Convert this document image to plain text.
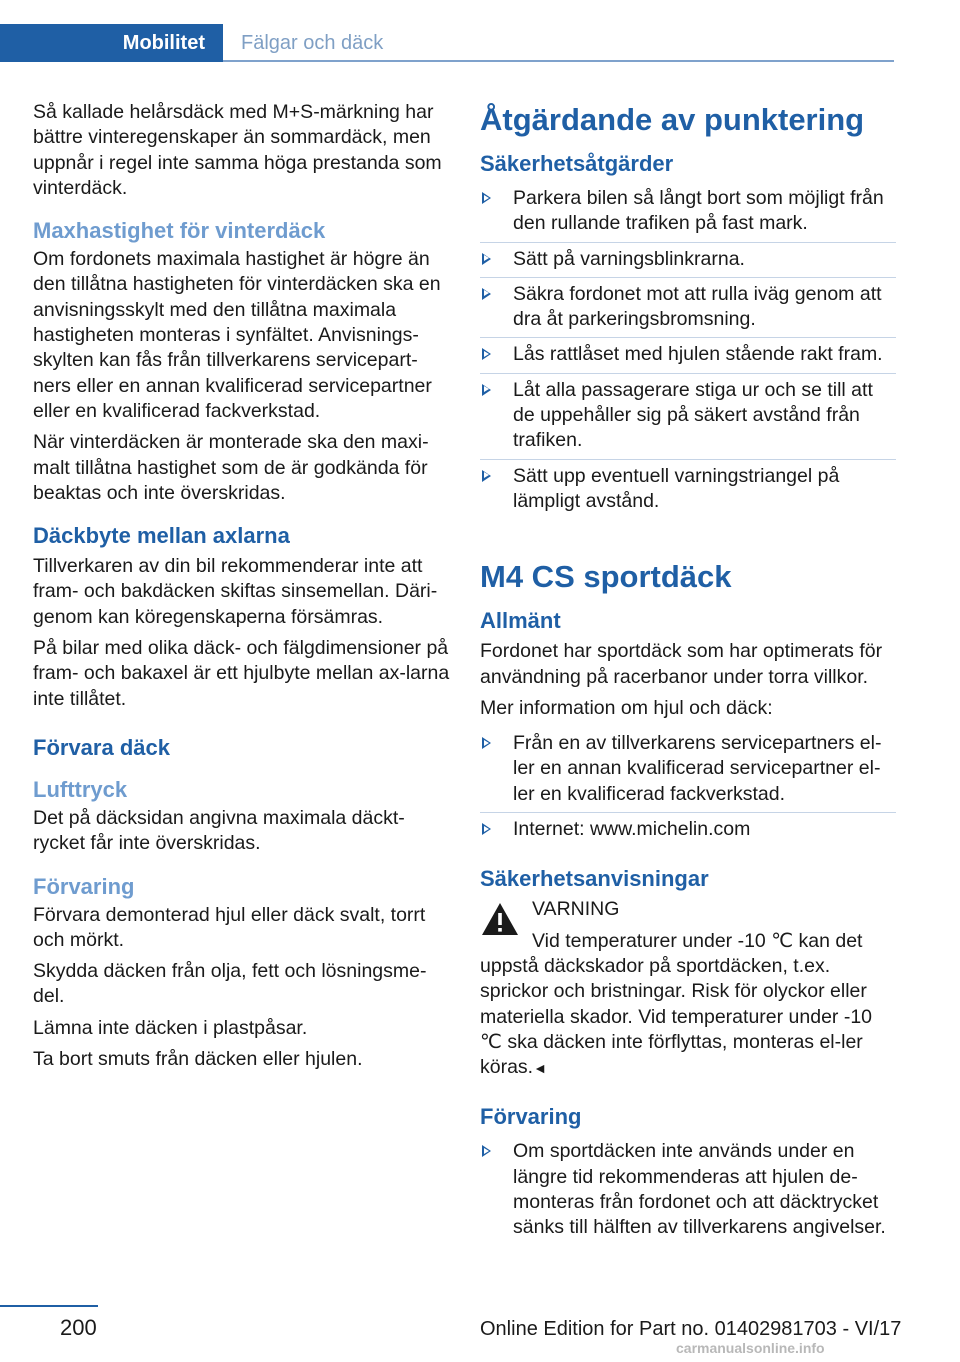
Mobilitet	Fälgar och däck

Så kallade helårsdäck med M+S-märkning har bättre vinteregenskaper än sommardäck, men uppnår i regel inte samma höga prestanda som vinterdäck.

Maxhastighet för vinterdäck

Om fordonets maximala hastighet är högre än den tillåtna hastigheten för vinterdäcken ska en anvisningsskylt med den tillåtna maximala hastigheten monteras i synfältet. Anvisnings-skylten kan fås från tillverkarens servicepart-ners eller en annan kvalificerad servicepartner eller en kvalificerad fackverkstad.

När vinterdäcken är monterade ska den maxi-malt tillåtna hastighet som de är godkända för beaktas och inte överskridas.

Däckbyte mellan axlarna

Tillverkaren av din bil rekommenderar inte att fram- och bakdäcken skiftas sinsemellan. Däri-genom kan köregenskaperna försämras.

På bilar med olika däck- och fälgdimensioner på fram- och bakaxel är ett hjulbyte mellan ax-larna inte tillåtet.

Förvara däck
Lufttryck

Det på däcksidan angivna maximala däckt-rycket får inte överskridas.

Förvaring

Förvara demonterad hjul eller däck svalt, torrt och mörkt.

Skydda däcken från olja, fett och lösningsme-del.

Lämna inte däcken i plastpåsar.

Ta bort smuts från däcken eller hjulen.

Åtgärdande av punktering
Säkerhetsåtgärder
Parkera bilen så långt bort som möjligt från den rullande trafiken på fast mark.
Sätt på varningsblinkrarna.
Säkra fordonet mot att rulla iväg genom att dra åt parkeringsbromsning.
Lås rattlåset med hjulen stående rakt fram.
Låt alla passagerare stiga ur och se till att de uppehåller sig på säkert avstånd från trafiken.
Sätt upp eventuell varningstriangel på lämpligt avstånd.
M4 CS sportdäck
Allmänt

Fordonet har sportdäck som har optimerats för användning på racerbanor under torra villkor.

Mer information om hjul och däck:

Från en av tillverkarens servicepartners el-ler en annan kvalificerad servicepartner el-ler en kvalificerad fackverkstad.
Internet: www.michelin.com
Säkerhetsanvisningar

VARNING

Vid temperaturer under -10 ℃ kan det uppstå däckskador på sportdäcken, t.ex. sprickor och bristningar. Risk för olyckor eller materiella skador. Vid temperaturer under -10 ℃ ska däcken inte förflyttas, monteras el-ler köras.◄

Förvaring
Om sportdäcken inte används under en längre tid rekommenderas att hjulen de-monteras från fordonet och att däcktrycket sänks till hälften av tillverkarens angivelser.
200	Online Edition for Part no. 01402981703 - VI/17
carmanualsonline.info
